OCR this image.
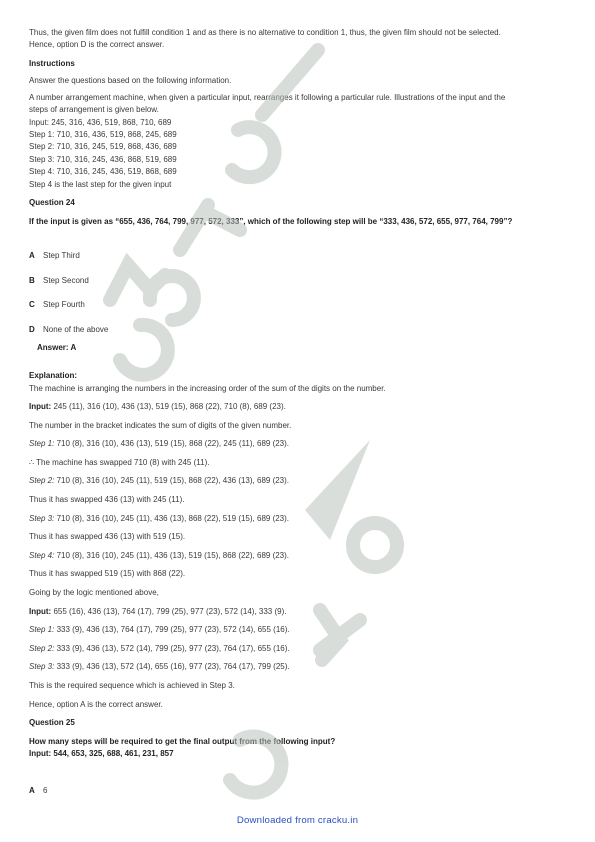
Thus, the given film does not fulfill condition 1 and as there is no alternative to condition 1, thus, the given film should not be selected.

Hence, option D is the correct answer.

Instructions

Answer the questions based on the following information.

A number arrangement machine, when given a particular input, rearranges it following a particular rule. Illustrations of the input and the

steps of arrangement is given below.

Input: 245, 316, 436, 519, 868, 710, 689

Step 1: 710, 316, 436, 519, 868, 245, 689

Step 2: 710, 316, 245, 519, 868, 436, 689

Step 3: 710, 316, 245, 436, 868, 519, 689

Step 4: 710, 316, 245, 436, 519, 868, 689

Step 4 is the last step for the given input

Question 24

If the input is given as “655, 436, 764, 799, 977, 572, 333”, which of the following step will be “333, 436, 572, 655, 977, 764, 799”?

A	Step Third
B	Step Second
C	Step Fourth
D	None of the above

Answer: A

Explanation:

The machine is arranging the numbers in the increasing order of the sum of the digits on the number.

Input: 245 (11), 316 (10), 436 (13), 519 (15), 868 (22), 710 (8), 689 (23).

The number in the bracket indicates the sum of digits of the given number.

Step 1: 710 (8), 316 (10), 436 (13), 519 (15), 868 (22), 245 (11), 689 (23).

∴ The machine has swapped 710 (8) with 245 (11).

Step 2: 710 (8), 316 (10), 245 (11), 519 (15), 868 (22), 436 (13), 689 (23).

Thus it has swapped 436 (13) with 245 (11).

Step 3: 710 (8), 316 (10), 245 (11), 436 (13), 868 (22), 519 (15), 689 (23).

Thus it has swapped 436 (13) with 519 (15).

Step 4: 710 (8), 316 (10), 245 (11), 436 (13), 519 (15), 868 (22), 689 (23).

Thus it has swapped 519 (15) with 868 (22).

Going by the logic mentioned above,

Input: 655 (16), 436 (13), 764 (17), 799 (25), 977 (23), 572 (14), 333 (9).

Step 1: 333 (9), 436 (13), 764 (17), 799 (25), 977 (23), 572 (14), 655 (16).

Step 2: 333 (9), 436 (13), 572 (14), 799 (25), 977 (23), 764 (17), 655 (16).

Step 3: 333 (9), 436 (13), 572 (14), 655 (16), 977 (23), 764 (17), 799 (25).

This is the required sequence which is achieved in Step 3.

Hence, option A is the correct answer.

Question 25

How many steps will be required to get the final output from the following input?

Input: 544, 653, 325, 688, 461, 231, 857

A	6
Downloaded from cracku.in
